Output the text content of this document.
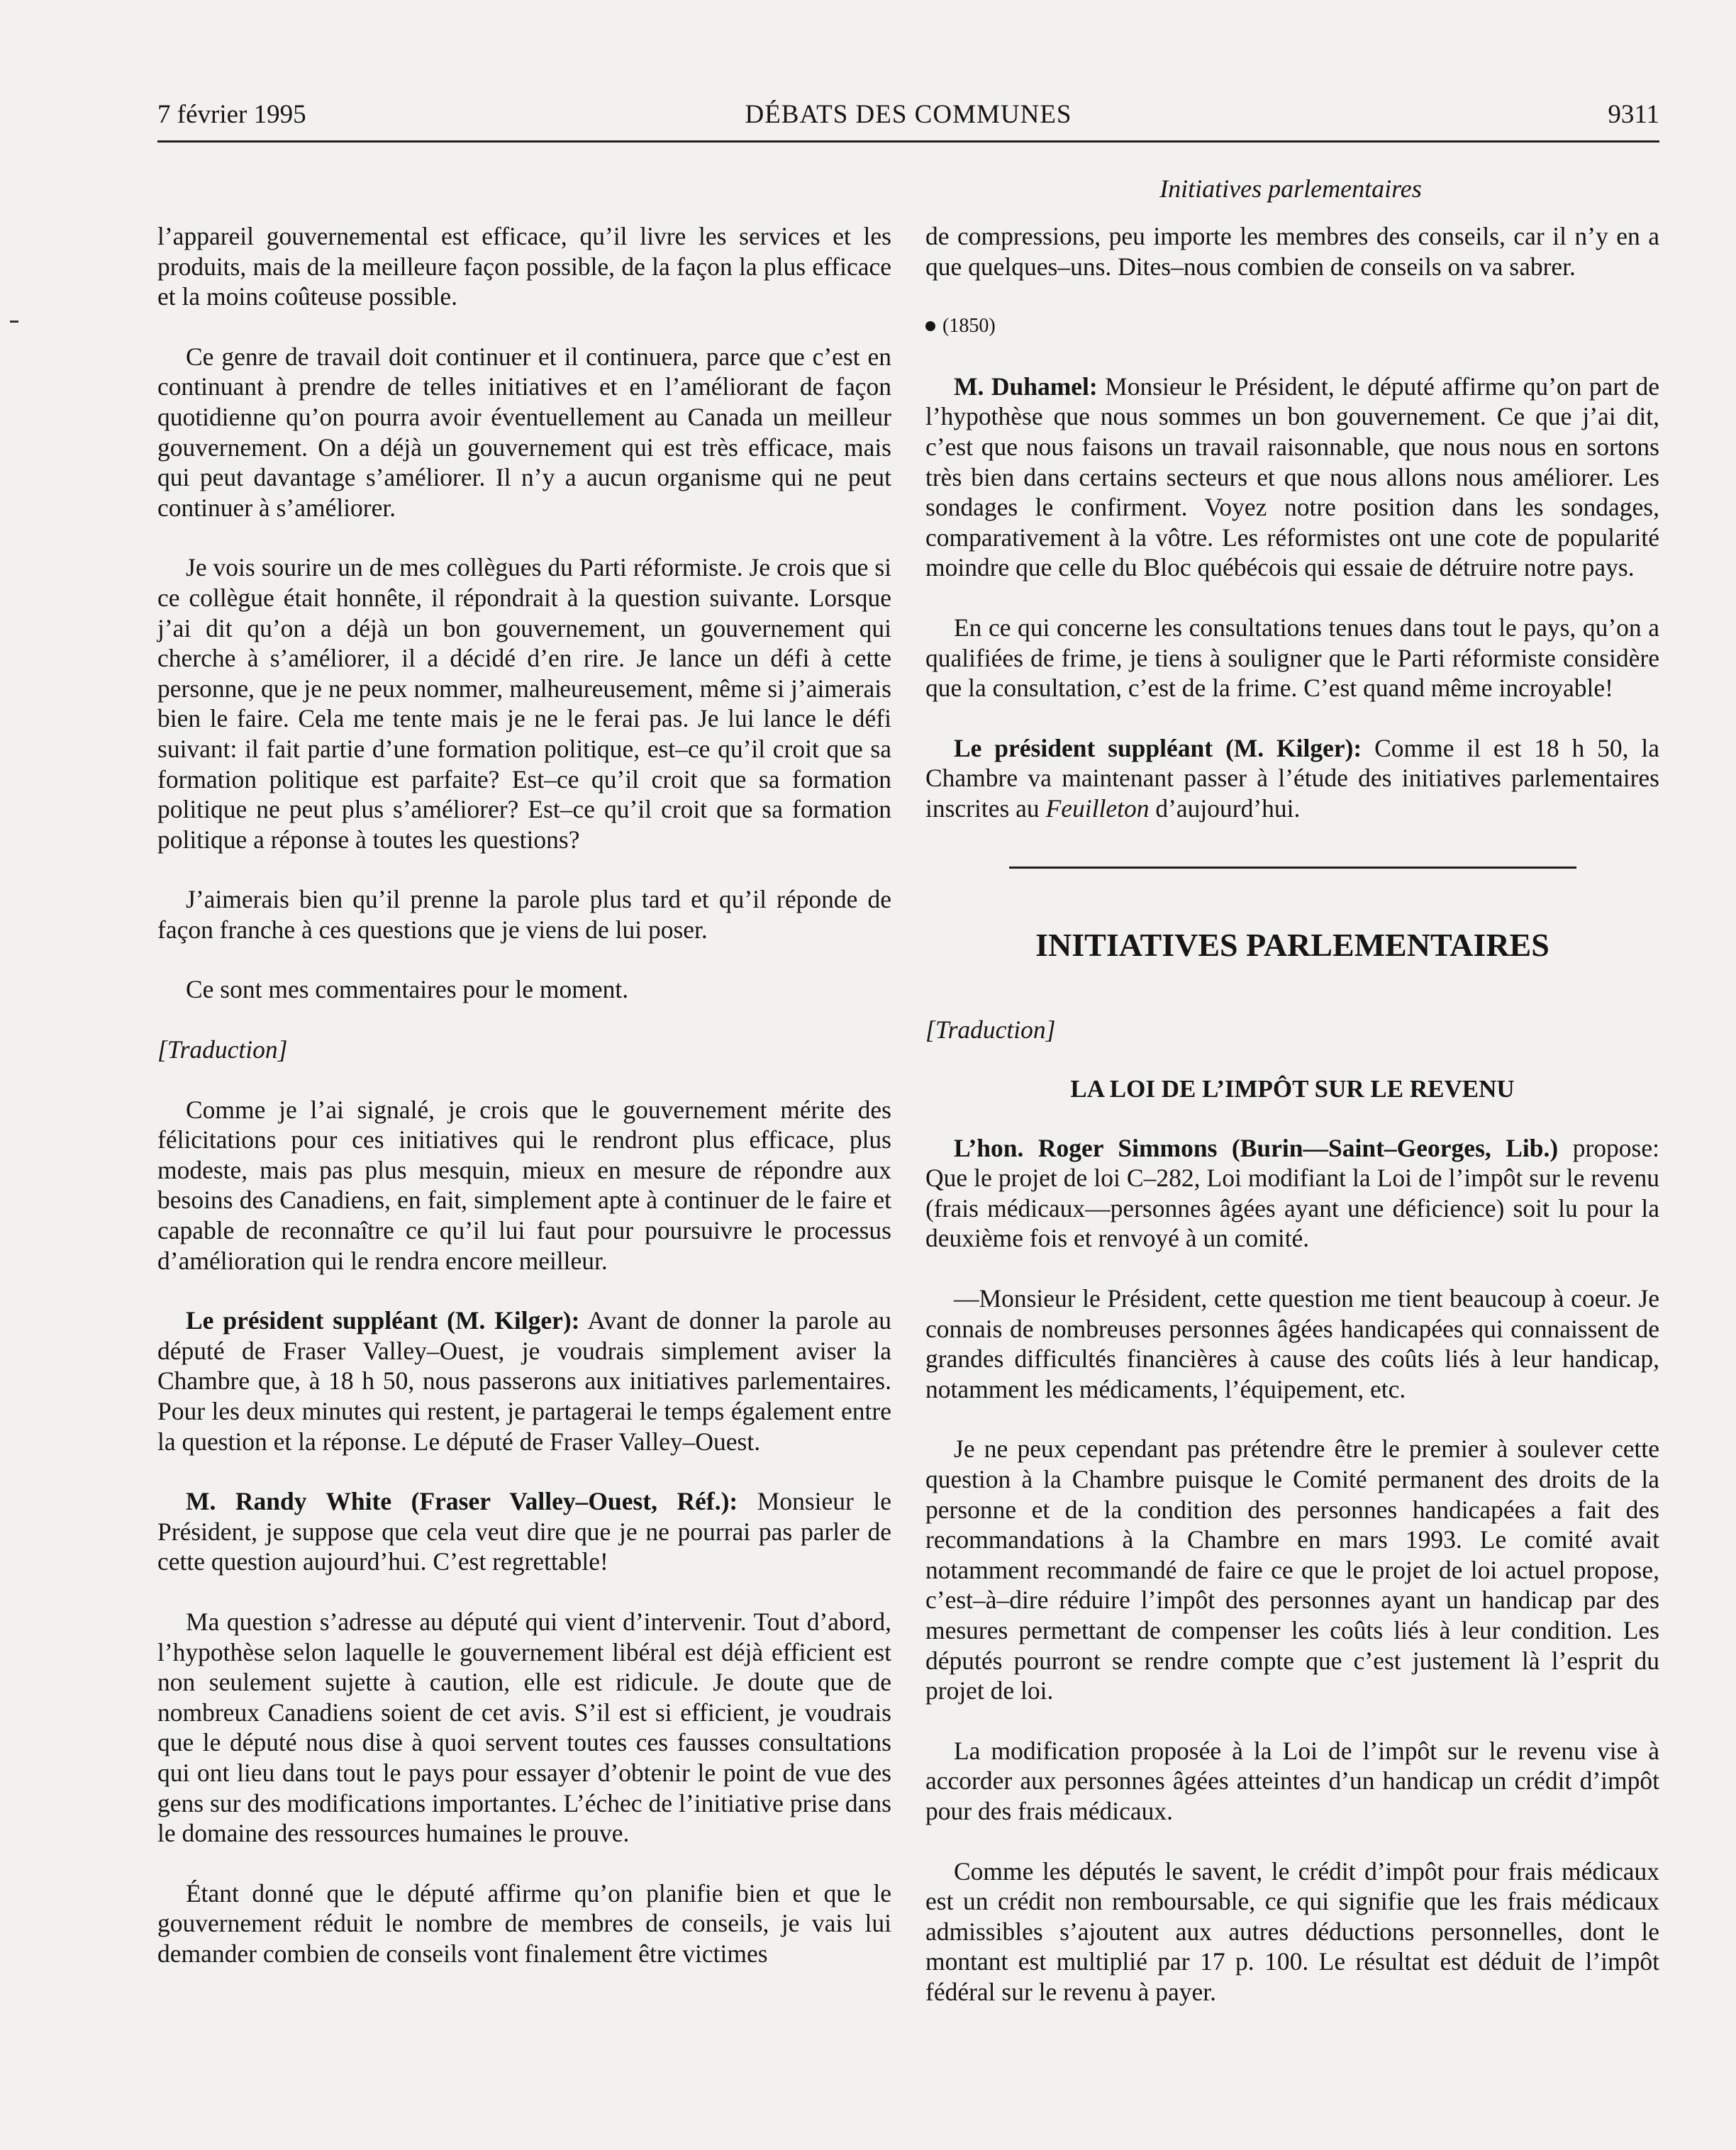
7 février 1995	DÉBATS DES COMMUNES	9311
Initiatives parlementaires

l’appareil gouvernemental est efficace, qu’il livre les services et les produits, mais de la meilleure façon possible, de la façon la plus efficace et la moins coûteuse possible.

Ce genre de travail doit continuer et il continuera, parce que c’est en continuant à prendre de telles initiatives et en l’améliorant de façon quotidienne qu’on pourra avoir éventuellement au Canada un meilleur gouvernement. On a déjà un gouvernement qui est très efficace, mais qui peut davantage s’améliorer. Il n’y a aucun organisme qui ne peut continuer à s’améliorer.

Je vois sourire un de mes collègues du Parti réformiste. Je crois que si ce collègue était honnête, il répondrait à la question suivante. Lorsque j’ai dit qu’on a déjà un bon gouvernement, un gouvernement qui cherche à s’améliorer, il a décidé d’en rire. Je lance un défi à cette personne, que je ne peux nommer, malheureusement, même si j’aimerais bien le faire. Cela me tente mais je ne le ferai pas. Je lui lance le défi suivant: il fait partie d’une formation politique, est–ce qu’il croit que sa formation politique est parfaite? Est–ce qu’il croit que sa formation politique ne peut plus s’améliorer? Est–ce qu’il croit que sa formation politique a réponse à toutes les questions?

J’aimerais bien qu’il prenne la parole plus tard et qu’il réponde de façon franche à ces questions que je viens de lui poser.

Ce sont mes commentaires pour le moment.

[Traduction]

Comme je l’ai signalé, je crois que le gouvernement mérite des félicitations pour ces initiatives qui le rendront plus efficace, plus modeste, mais pas plus mesquin, mieux en mesure de répondre aux besoins des Canadiens, en fait, simplement apte à continuer de le faire et capable de reconnaître ce qu’il lui faut pour poursuivre le processus d’amélioration qui le rendra encore meilleur.

Le président suppléant (M. Kilger): Avant de donner la parole au député de Fraser Valley–Ouest, je voudrais simplement aviser la Chambre que, à 18 h 50, nous passerons aux initiatives parlementaires. Pour les deux minutes qui restent, je partagerai le temps également entre la question et la réponse. Le député de Fraser Valley–Ouest.

M. Randy White (Fraser Valley–Ouest, Réf.): Monsieur le Président, je suppose que cela veut dire que je ne pourrai pas parler de cette question aujourd’hui. C’est regrettable!

Ma question s’adresse au député qui vient d’intervenir. Tout d’abord, l’hypothèse selon laquelle le gouvernement libéral est déjà efficient est non seulement sujette à caution, elle est ridicule. Je doute que de nombreux Canadiens soient de cet avis. S’il est si efficient, je voudrais que le député nous dise à quoi servent toutes ces fausses consultations qui ont lieu dans tout le pays pour essayer d’obtenir le point de vue des gens sur des modifications importantes. L’échec de l’initiative prise dans le domaine des ressources humaines le prouve.

Étant donné que le député affirme qu’on planifie bien et que le gouvernement réduit le nombre de membres de conseils, je vais lui demander combien de conseils vont finalement être victimes

de compressions, peu importe les membres des conseils, car il n’y en a que quelques–uns. Dites–nous combien de conseils on va sabrer.

(1850)

M. Duhamel: Monsieur le Président, le député affirme qu’on part de l’hypothèse que nous sommes un bon gouvernement. Ce que j’ai dit, c’est que nous faisons un travail raisonnable, que nous nous en sortons très bien dans certains secteurs et que nous allons nous améliorer. Les sondages le confirment. Voyez notre position dans les sondages, comparativement à la vôtre. Les réformistes ont une cote de popularité moindre que celle du Bloc québécois qui essaie de détruire notre pays.

En ce qui concerne les consultations tenues dans tout le pays, qu’on a qualifiées de frime, je tiens à souligner que le Parti réformiste considère que la consultation, c’est de la frime. C’est quand même incroyable!

Le président suppléant (M. Kilger): Comme il est 18 h 50, la Chambre va maintenant passer à l’étude des initiatives parlementaires inscrites au Feuilleton d’aujourd’hui.

INITIATIVES PARLEMENTAIRES

[Traduction]

LA LOI DE L’IMPÔT SUR LE REVENU

L’hon. Roger Simmons (Burin—Saint–Georges, Lib.) propose: Que le projet de loi C–282, Loi modifiant la Loi de l’impôt sur le revenu (frais médicaux—personnes âgées ayant une déficience) soit lu pour la deuxième fois et renvoyé à un comité.

—Monsieur le Président, cette question me tient beaucoup à coeur. Je connais de nombreuses personnes âgées handicapées qui connaissent de grandes difficultés financières à cause des coûts liés à leur handicap, notamment les médicaments, l’équipement, etc.

Je ne peux cependant pas prétendre être le premier à soulever cette question à la Chambre puisque le Comité permanent des droits de la personne et de la condition des personnes handicapées a fait des recommandations à la Chambre en mars 1993. Le comité avait notamment recommandé de faire ce que le projet de loi actuel propose, c’est–à–dire réduire l’impôt des personnes ayant un handicap par des mesures permettant de compenser les coûts liés à leur condition. Les députés pourront se rendre compte que c’est justement là l’esprit du projet de loi.

La modification proposée à la Loi de l’impôt sur le revenu vise à accorder aux personnes âgées atteintes d’un handicap un crédit d’impôt pour des frais médicaux.

Comme les députés le savent, le crédit d’impôt pour frais médicaux est un crédit non remboursable, ce qui signifie que les frais médicaux admissibles s’ajoutent aux autres déductions personnelles, dont le montant est multiplié par 17 p. 100. Le résultat est déduit de l’impôt fédéral sur le revenu à payer.
